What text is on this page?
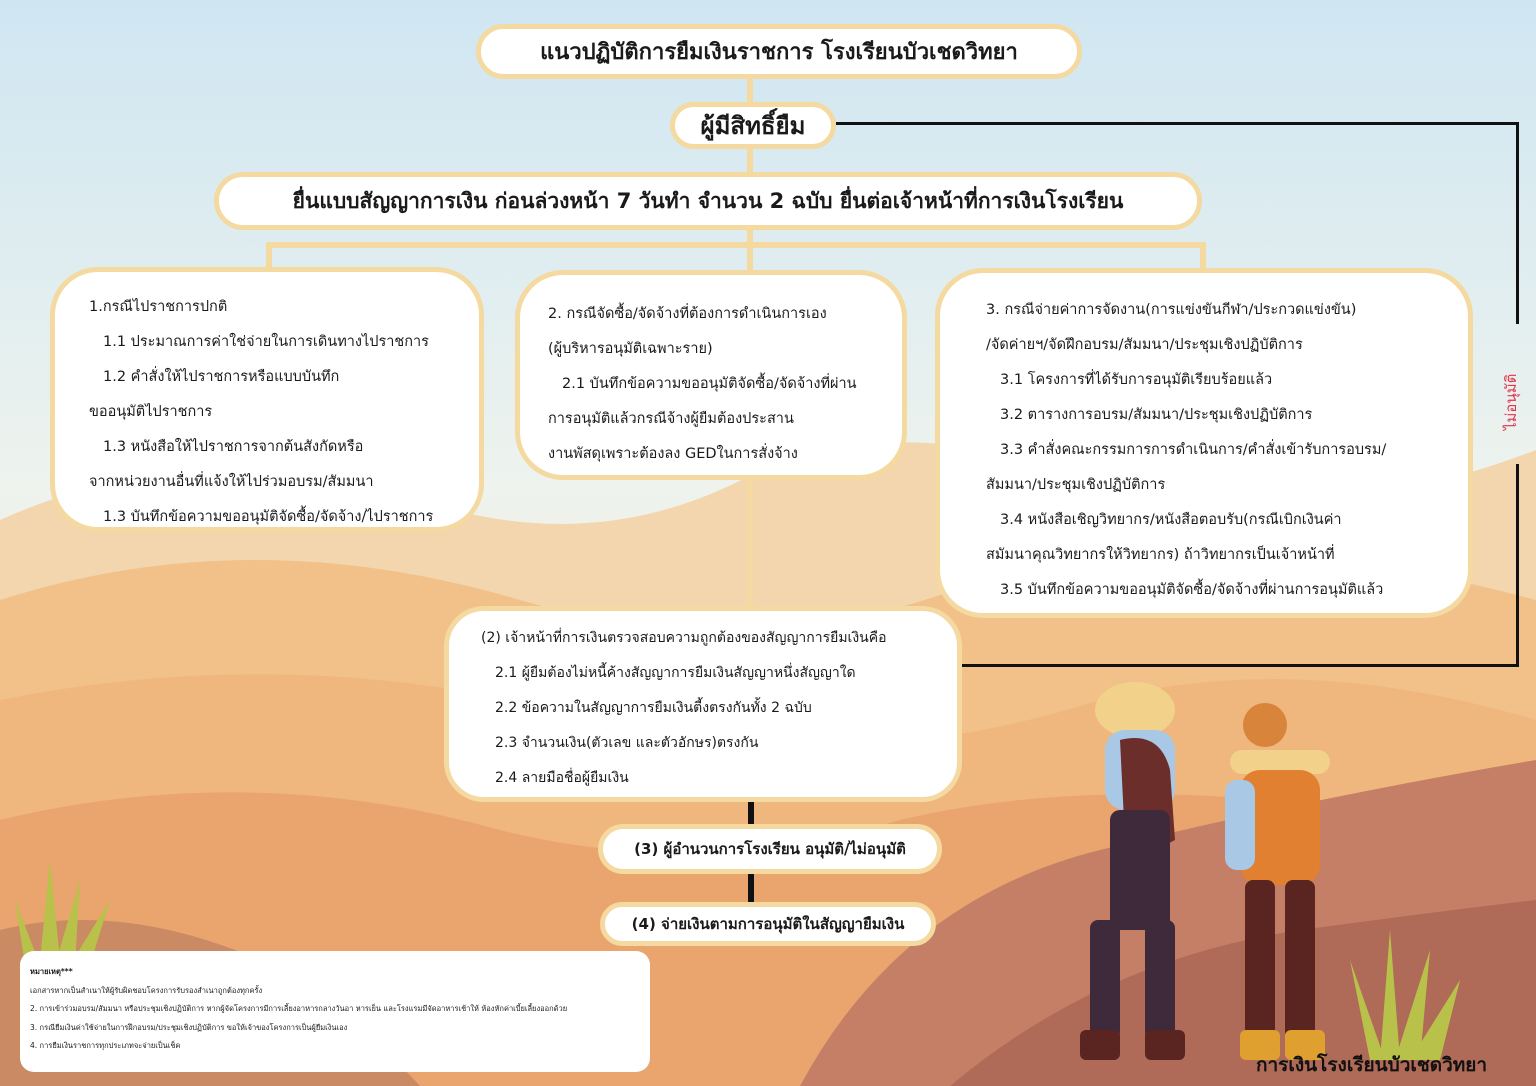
แนวปฏิบัติการยืมเงินราชการ โรงเรียนบัวเชดวิทยา
ผู้มีสิทธิ์ยืม
ยื่นแบบสัญญาการเงิน ก่อนล่วงหน้า 7 วันทำ จำนวน 2 ฉบับ ยื่นต่อเจ้าหน้าที่การเงินโรงเรียน
1.กรณีไปราชการปกติ
1.1 ประมาณการค่าใช่จ่ายในการเดินทางไปราชการ
1.2 คำสั่งให้ไปราชการหรือแบบบันทึก
ขออนุมัติไปราชการ
1.3 หนังสือให้ไปราชการจากต้นสังกัดหรือ
จากหน่วยงานอื่นที่แจ้งให้ไปร่วมอบรม/สัมมนา
1.3 บันทึกข้อความขออนุมัติจัดซื้อ/จัดจ้าง/ไปราชการ
2. กรณีจัดซื้อ/จัดจ้างที่ต้องการดำเนินการเอง
(ผู้บริหารอนุมัติเฉพาะราย)
2.1 บันทึกข้อความขออนุมัติจัดซื้อ/จัดจ้างที่ผ่าน
การอนุมัติแล้วกรณีจ้างผู้ยืมต้องประสาน
งานพัสดุเพราะต้องลง GEDในการสั่งจ้าง
3. กรณีจ่ายค่าการจัดงาน(การแข่งขันกีฬา/ประกวดแข่งขัน)
/จัดค่ายฯ/จัดฝึกอบรม/สัมมนา/ประชุมเชิงปฏิบัติการ
3.1 โครงการที่ได้รับการอนุมัติเรียบร้อยแล้ว
3.2 ตารางการอบรม/สัมมนา/ประชุมเชิงปฏิบัติการ
3.3 คำสั่งคณะกรรมการการดำเนินการ/คำสั่งเข้ารับการอบรม/
สัมมนา/ประชุมเชิงปฏิบัติการ
3.4 หนังสือเชิญวิทยากร/หนังสือตอบรับ(กรณีเบิกเงินค่า
สมัมนาคุณวิทยากรให้วิทยากร) ถ้าวิทยากรเป็นเจ้าหน้าที่
3.5 บันทึกข้อความขออนุมัติจัดซื้อ/จัดจ้างที่ผ่านการอนุมัติแล้ว
(2) เจ้าหน้าที่การเงินตรวจสอบความถูกต้องของสัญญาการยืมเงินคือ
2.1 ผู้ยืมต้องไม่หนี้ค้างสัญญาการยืมเงินสัญญาหนึ่งสัญญาใด
2.2 ข้อความในสัญญาการยืมเงินตี้งตรงกันทั้ง 2 ฉบับ
2.3 จำนวนเงิน(ตัวเลข และตัวอักษร)ตรงกัน
2.4 ลายมือชื่อผู้ยืมเงิน
(3) ผู้อำนวนการโรงเรียน อนุมัติ/ไม่อนุมัติ
(4) จ่ายเงินตามการอนุมัติในสัญญายืมเงิน
ไม่อนุมัติ
หมายเหตุ***
เอกสารหากเป็นสำเนาให้ผู้รับผิดชอบโครงการรับรองสำเนาถูกต้องทุกครั้ง
2. การเข้าร่วมอบรม/สัมมนา หรือประชุมเชิงปฏิบัติการ หากผู้จัดโครงการมีการเลี้ยงอาหารกลางวันอา หารเย็น และโรงแรมมีจัดอาหารเช้าให้ ห้องหักค่าเบี้ยเลี้ยงออกด้วย
3. กรณียืมเงินค่าใช้จ่ายในการฝึกอบรม/ประชุมเชิงปฏิบัติการ ขอให้เจ้าของโครงการเป็นผู้ยืมเงินเอง
4. การยืมเงินราชการทุกประเภทจะจ่ายเป็นเช็ค
การเงินโรงเรียนบัวเชดวิทยา
